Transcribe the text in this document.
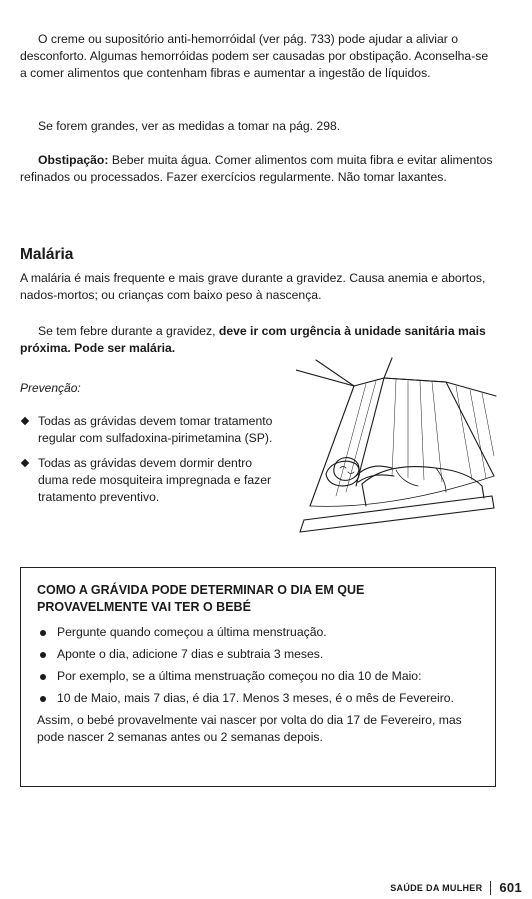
O creme ou supositório anti-hemorróidal (ver pág. 733) pode ajudar a aliviar o desconforto. Algumas hemorróidas podem ser causadas por obstipação. Aconselha-se a comer alimentos que contenham fibras e aumentar a ingestão de líquidos.

Se forem grandes, ver as medidas a tomar na pág. 298.

Obstipação: Beber muita água. Comer alimentos com muita fibra e evitar alimentos refinados ou processados. Fazer exercícios regularmente. Não tomar laxantes.

Malária

A malária é mais frequente e mais grave durante a gravidez. Causa anemia e abortos, nados-mortos; ou crianças com baixo peso à nascença.

Se tem febre durante a gravidez, deve ir com urgência à unidade sanitária mais próxima. Pode ser malária.

Prevenção:

Todas as grávidas devem tomar tratamento regular com sulfadoxina-pirimetamina (SP).
Todas as grávidas devem dormir dentro duma rede mosquiteira impregnada e fazer tratamento preventivo.

COMO A GRÁVIDA PODE DETERMINAR O DIA EM QUE PROVAVELMENTE VAI TER O BEBÉ

Pergunte quando começou a última menstruação.
Aponte o dia, adicione 7 dias e subtraia 3 meses.
Por exemplo, se a última menstruação começou no dia 10 de Maio:
10 de Maio, mais 7 dias, é dia 17. Menos 3 meses, é o mês de Fevereiro.

Assim, o bebé provavelmente vai nascer por volta do dia 17 de Fevereiro, mas pode nascer 2 semanas antes ou 2 semanas depois.

SAÚDE DA MULHER 601
